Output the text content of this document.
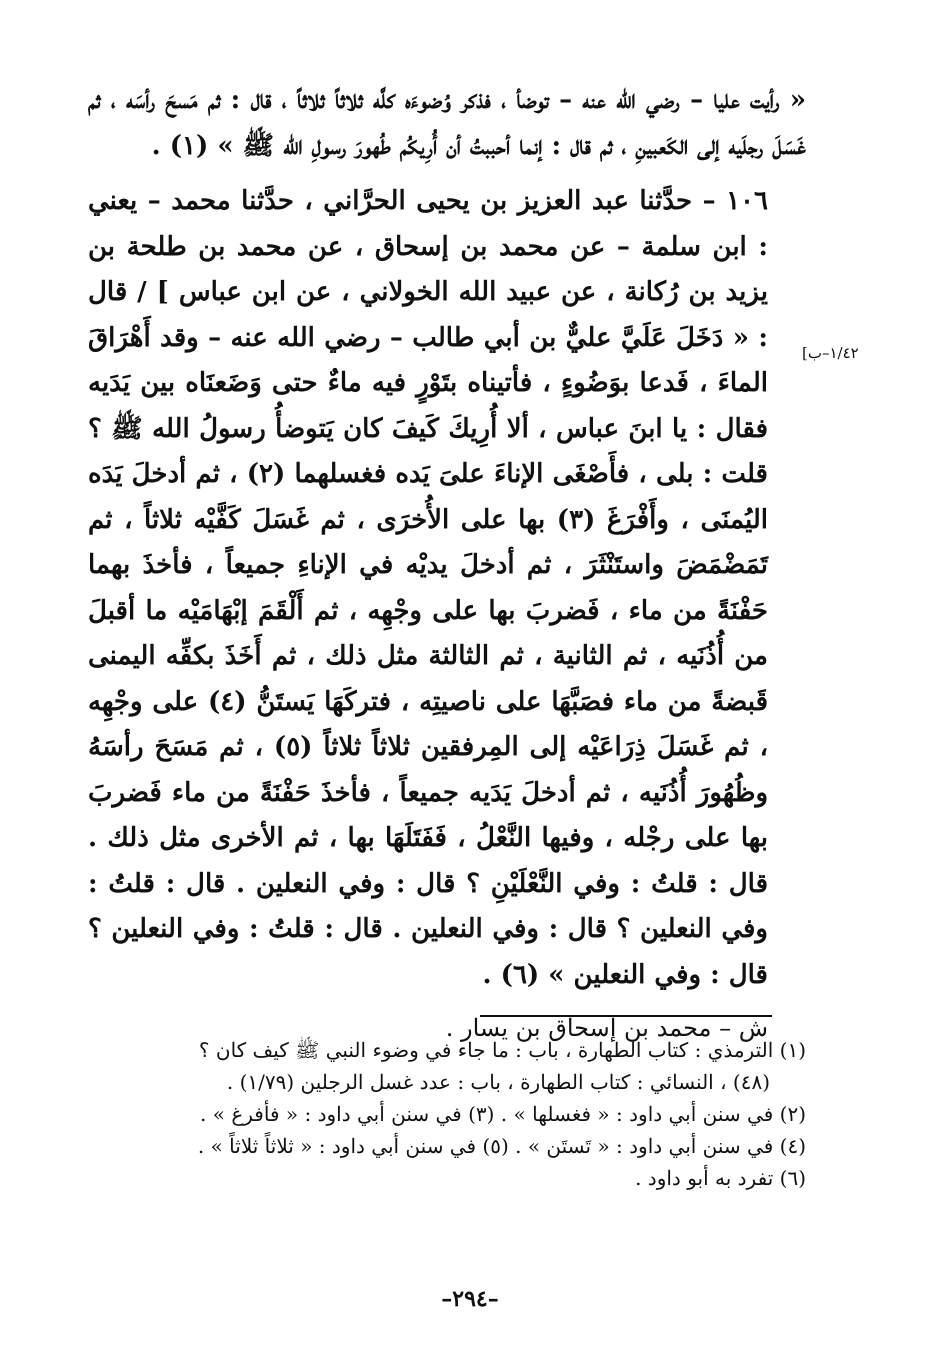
[١/٤٢–ب

« رأيت عليا – رضي الله عنه – توضأ ، فذكر وُضوءَه كلَّه ثلاثاً ثلاثاً ، قال : ثم مَسحَ رأسَه ، ثم غَسَلَ رجلَيه إلى الكَعبينِ ، ثم قال : إنما أحببتُ أن أُرِيكُم طُهورَ رسولِ الله ﷺ » (١) .

١٠٦ – حدَّثنا عبد العزيز بن يحيى الحرَّاني ، حدَّثنا محمد – يعني : ابن سلمة – عن محمد بن إسحاق ، عن محمد بن طلحة بن يزيد بن رُكانة ، عن عبيد الله الخولاني ، عن ابن عباس ] / قال : « دَخَلَ عَلَيَّ عليٌّ بن أبي طالب – رضي الله عنه – وقد أَهْرَاقَ الماءَ ، فَدعا بوَضُوءٍ ، فأتيناه بتَوْرٍ فيه ماءٌ حتى وَضَعنَاه بين يَدَيه فقال : يا ابنَ عباس ، ألا أُرِيكَ كَيفَ كان يَتوضأُ رسولُ الله ﷺ ؟ قلت : بلى ، فأَصْغَى الإناءَ علىَ يَده فغسلهما (٢) ، ثم أدخلَ يَدَه اليُمنَى ، وأَفْرَغَ (٣) بها على الأُخرَى ، ثم غَسَلَ كَفَّيْه ثلاثاً ، ثم تَمَضْمَضَ واستَنْثَرَ ، ثم أدخلَ يديْه في الإناءِ جميعاً ، فأخذَ بهما حَفْنَةً من ماء ، فَضربَ بها على وجْهِه ، ثم أَلْقَمَ إبْهَامَيْه ما أقبلَ من أُذُنَيه ، ثم الثانية ، ثم الثالثة مثل ذلك ، ثم أَخَذَ بكفِّه اليمنى قَبضةً من ماء فصَبَّهَا على ناصيتِه ، فتركَهَا يَستَنُّ (٤) على وجْهِه ، ثم غَسَلَ ذِرَاعَيْه إلى المِرفقين ثلاثاً ثلاثاً (٥) ، ثم مَسَحَ رأسَهُ وظُهُورَ أُذُنَيه ، ثم أدخلَ يَدَيه جميعاً ، فأخذَ حَفْنَةً من ماء فَضربَ بها على رجْله ، وفيها النَّعْلُ ، فَفَتَلَهَا بها ، ثم الأخرى مثل ذلك . قال : قلتُ : وفي النَّعْلَيْنِ ؟ قال : وفي النعلين . قال : قلتُ : وفي النعلين ؟ قال : وفي النعلين . قال : قلتُ : وفي النعلين ؟ قال : وفي النعلين » (٦) .

ش – محمد بن إسحاق بن يسار .

(١) الترمذي : كتاب الطهارة ، باب : ما جاء في وضوء النبي ﷺ كيف كان ؟
(٤٨) ، النسائي : كتاب الطهارة ، باب : عدد غسل الرجلين (١/٧٩) .
(٢) في سنن أبي داود : « فغسلها » . (٣) في سنن أبي داود : « فأفرغ » .
(٤) في سنن أبي داود : « تَستَن » . (٥) في سنن أبي داود : « ثلاثاً ثلاثاً » .
(٦) تفرد به أبو داود .
–٢٩٤–
